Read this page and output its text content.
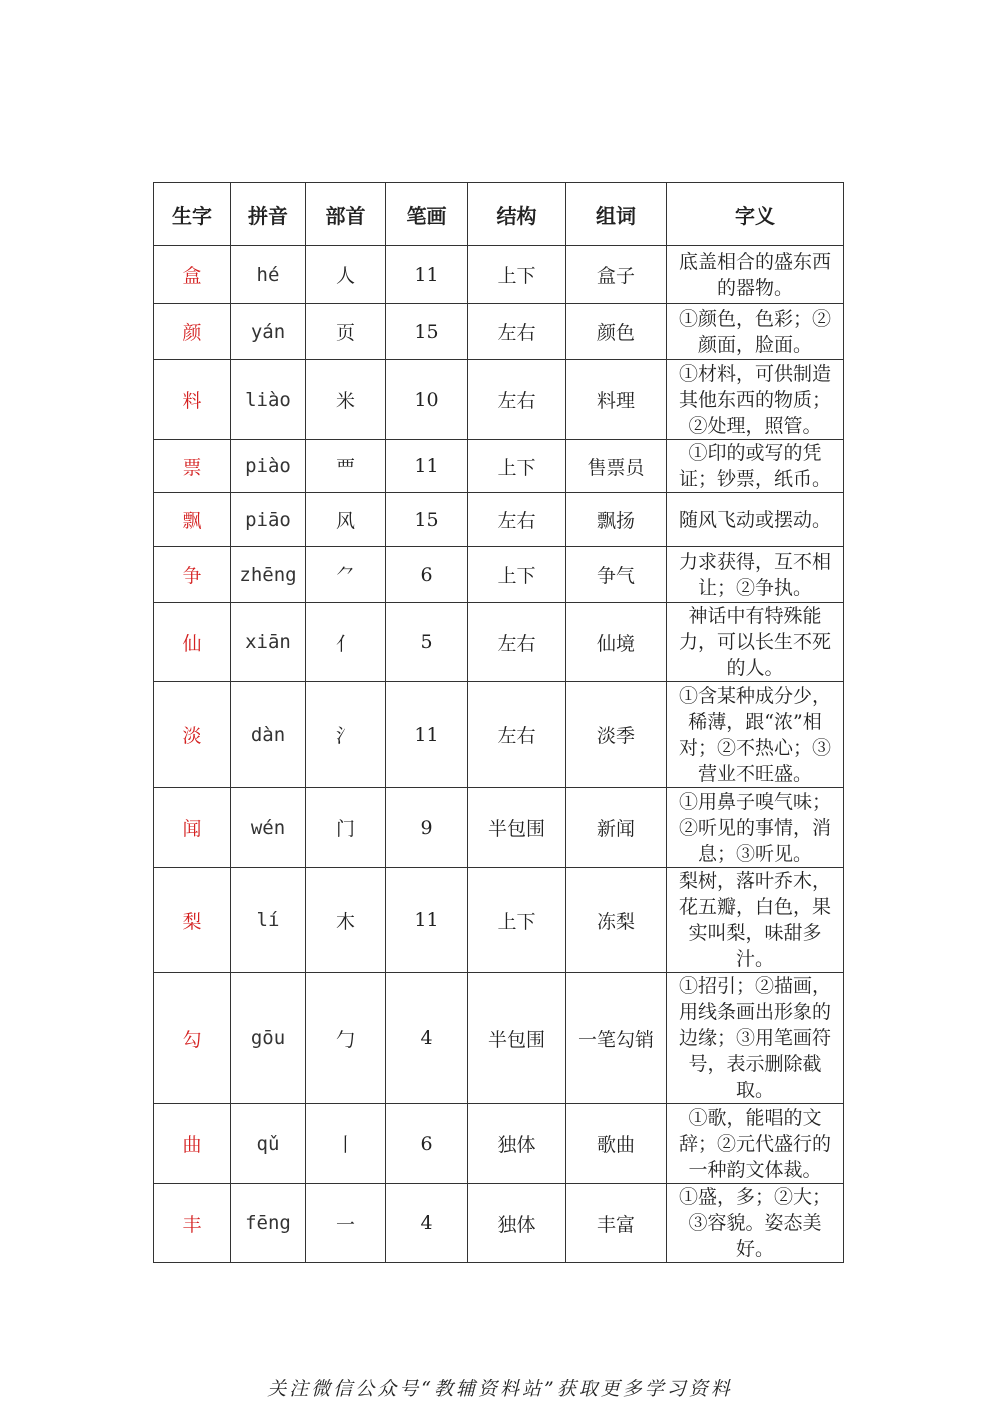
生字	拼音	部首	笔画	结构	组词	字义
盒	hé	人	11	上下	盒子	底盖相合的盛东西的器物。
颜	yán	页	15	左右	颜色	①颜色，色彩；②颜面，脸面。
料	liào	米	10	左右	料理	①材料，可供制造其他东西的物质；②处理，照管。
票	piào	覀	11	上下	售票员	①印的或写的凭证；钞票，纸币。
飘	piāo	风	15	左右	飘扬	随风飞动或摆动。
争	zhēng	⺈	6	上下	争气	力求获得，互不相让；②争执。
仙	xiān	亻	5	左右	仙境	神话中有特殊能力，可以长生不死的人。
淡	dàn	氵	11	左右	淡季	①含某种成分少，稀薄，跟“浓”相对；②不热心；③营业不旺盛。
闻	wén	门	9	半包围	新闻	①用鼻子嗅气味；②听见的事情，消息；③听见。
梨	lí	木	11	上下	冻梨	梨树，落叶乔木，花五瓣，白色，果实叫梨，味甜多汁。
勾	gōu	勹	4	半包围	一笔勾销	①招引；②描画，用线条画出形象的边缘；③用笔画符号，表示删除截取。
曲	qǔ	丨	6	独体	歌曲	①歌，能唱的文辞；②元代盛行的一种韵文体裁。
丰	fēng	一	4	独体	丰富	①盛，多；②大；③容貌。姿态美好。
关注微信公众号“教辅资料站”获取更多学习资料
